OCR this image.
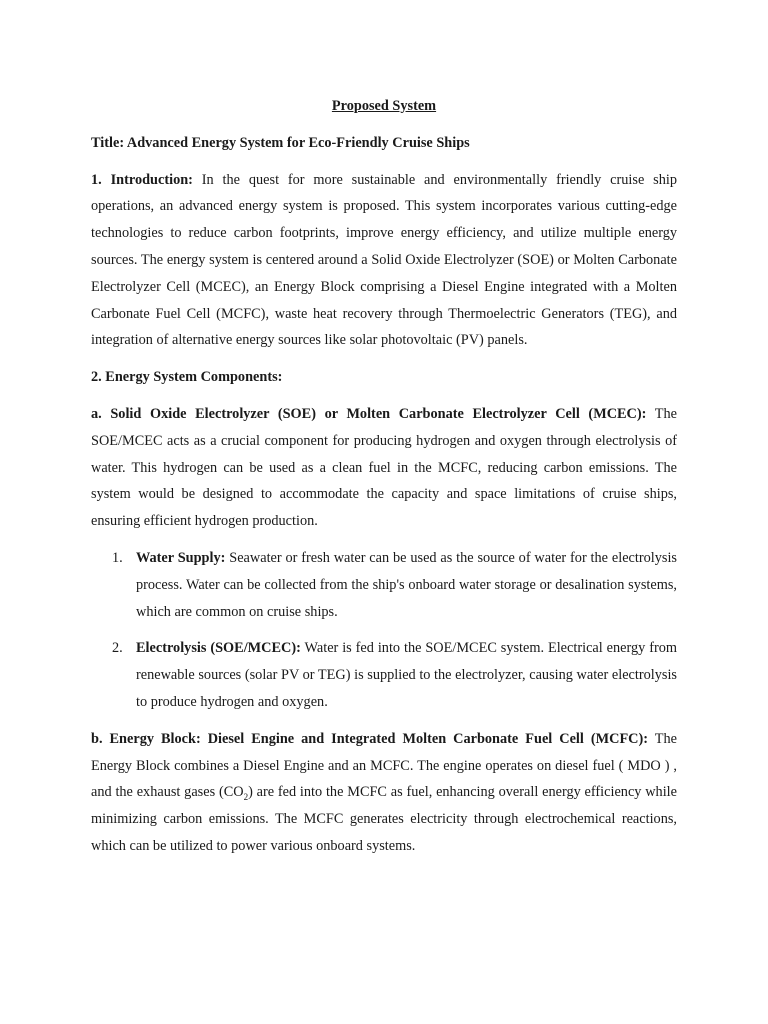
Proposed System

Title: Advanced Energy System for Eco-Friendly Cruise Ships

1. Introduction: In the quest for more sustainable and environmentally friendly cruise ship operations, an advanced energy system is proposed. This system incorporates various cutting-edge technologies to reduce carbon footprints, improve energy efficiency, and utilize multiple energy sources. The energy system is centered around a Solid Oxide Electrolyzer (SOE) or Molten Carbonate Electrolyzer Cell (MCEC), an Energy Block comprising a Diesel Engine integrated with a Molten Carbonate Fuel Cell (MCFC), waste heat recovery through Thermoelectric Generators (TEG), and integration of alternative energy sources like solar photovoltaic (PV) panels.

2. Energy System Components:

a. Solid Oxide Electrolyzer (SOE) or Molten Carbonate Electrolyzer Cell (MCEC): The SOE/MCEC acts as a crucial component for producing hydrogen and oxygen through electrolysis of water. This hydrogen can be used as a clean fuel in the MCFC, reducing carbon emissions. The system would be designed to accommodate the capacity and space limitations of cruise ships, ensuring efficient hydrogen production.

1. Water Supply: Seawater or fresh water can be used as the source of water for the electrolysis process. Water can be collected from the ship's onboard water storage or desalination systems, which are common on cruise ships.
2. Electrolysis (SOE/MCEC): Water is fed into the SOE/MCEC system. Electrical energy from renewable sources (solar PV or TEG) is supplied to the electrolyzer, causing water electrolysis to produce hydrogen and oxygen.

b. Energy Block: Diesel Engine and Integrated Molten Carbonate Fuel Cell (MCFC): The Energy Block combines a Diesel Engine and an MCFC. The engine operates on diesel fuel ( MDO ) , and the exhaust gases $(CO_2)$ are fed into the MCFC as fuel, enhancing overall energy efficiency while minimizing carbon emissions. The MCFC generates electricity through electrochemical reactions, which can be utilized to power various onboard systems.
